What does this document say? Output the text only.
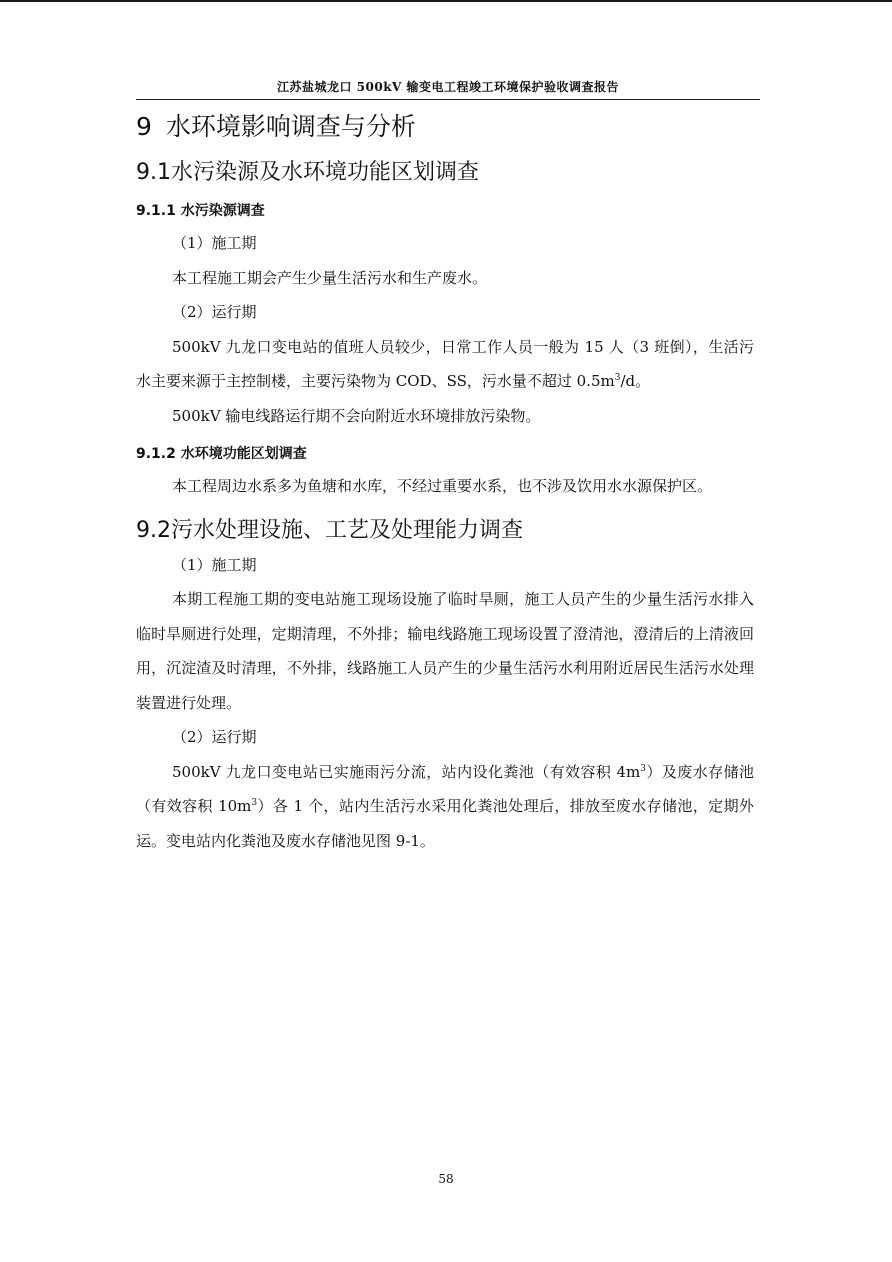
江苏盐城龙口 500kV 输变电工程竣工环境保护验收调查报告
9 水环境影响调查与分析
9.1水污染源及水环境功能区划调查
9.1.1 水污染源调查

（1）施工期

本工程施工期会产生少量生活污水和生产废水。

（2）运行期

500kV 九龙口变电站的值班人员较少，日常工作人员一般为 15 人（3 班倒），生活污水主要来源于主控制楼，主要污染物为 COD、SS，污水量不超过 $0.5m^3/d$。

500kV 输电线路运行期不会向附近水环境排放污染物。

9.1.2 水环境功能区划调查

本工程周边水系多为鱼塘和水库，不经过重要水系，也不涉及饮用水水源保护区。

9.2污水处理设施、工艺及处理能力调查

（1）施工期

本期工程施工期的变电站施工现场设施了临时旱厕，施工人员产生的少量生活污水排入临时旱厕进行处理，定期清理，不外排；输电线路施工现场设置了澄清池，澄清后的上清液回用，沉淀渣及时清理，不外排，线路施工人员产生的少量生活污水利用附近居民生活污水处理装置进行处理。

（2）运行期

500kV 九龙口变电站已实施雨污分流，站内设化粪池（有效容积 $4m^3$）及废水存储池（有效容积 $10m^3$）各 1 个，站内生活污水采用化粪池处理后，排放至废水存储池，定期外运。变电站内化粪池及废水存储池见图 9-1。

58
